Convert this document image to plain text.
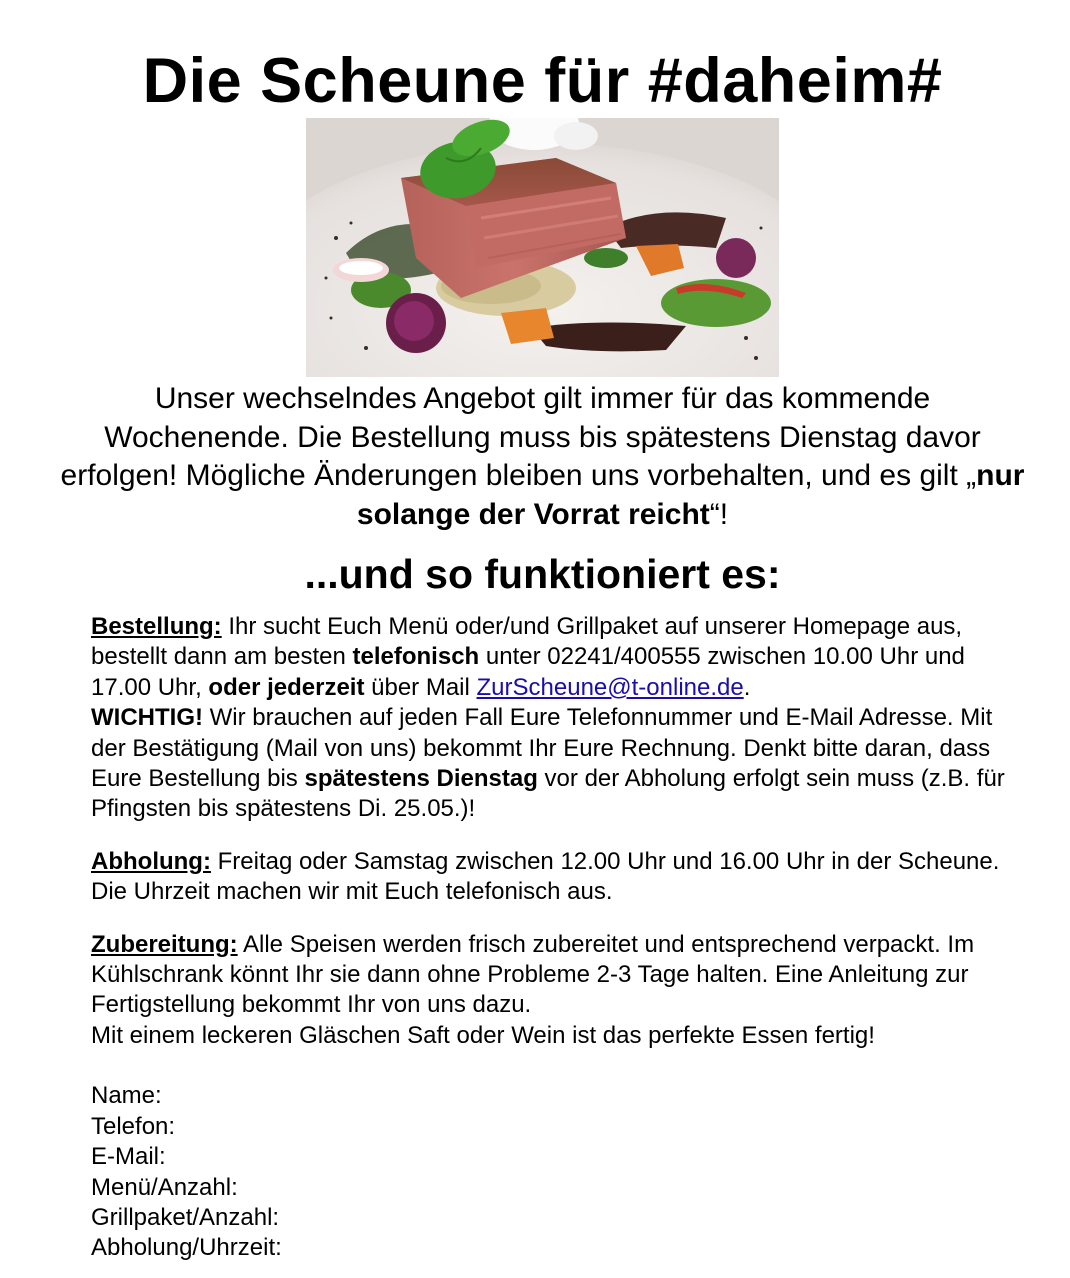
Die Scheune für #daheim#
Unser wechselndes Angebot gilt immer für das kommende Wochenende. Die Bestellung muss bis spätestens Dienstag davor erfolgen! Mögliche Änderungen bleiben uns vorbehalten, und es gilt „nur solange der Vorrat reicht“!
...und so funktioniert es:

Bestellung: Ihr sucht Euch Menü oder/und Grillpaket auf unserer Homepage aus, bestellt dann am besten telefonisch unter 02241/400555 zwischen 10.00 Uhr und 17.00 Uhr, oder jederzeit über Mail ZurScheune@t-online.de.
WICHTIG! Wir brauchen auf jeden Fall Eure Telefonnummer und E-Mail Adresse. Mit der Bestätigung (Mail von uns) bekommt Ihr Eure Rechnung. Denkt bitte daran, dass Eure Bestellung bis spätestens Dienstag vor der Abholung erfolgt sein muss (z.B. für Pfingsten bis spätestens Di. 25.05.)!

Abholung: Freitag oder Samstag zwischen 12.00 Uhr und 16.00 Uhr in der Scheune. Die Uhrzeit machen wir mit Euch telefonisch aus.

Zubereitung: Alle Speisen werden frisch zubereitet und entsprechend verpackt. Im Kühlschrank könnt Ihr sie dann ohne Probleme 2-3 Tage halten. Eine Anleitung zur Fertigstellung bekommt Ihr von uns dazu.
Mit einem leckeren Gläschen Saft oder Wein ist das perfekte Essen fertig!

Name:
Telefon:
E-Mail:
Menü/Anzahl:
Grillpaket/Anzahl:
Abholung/Uhrzeit:
